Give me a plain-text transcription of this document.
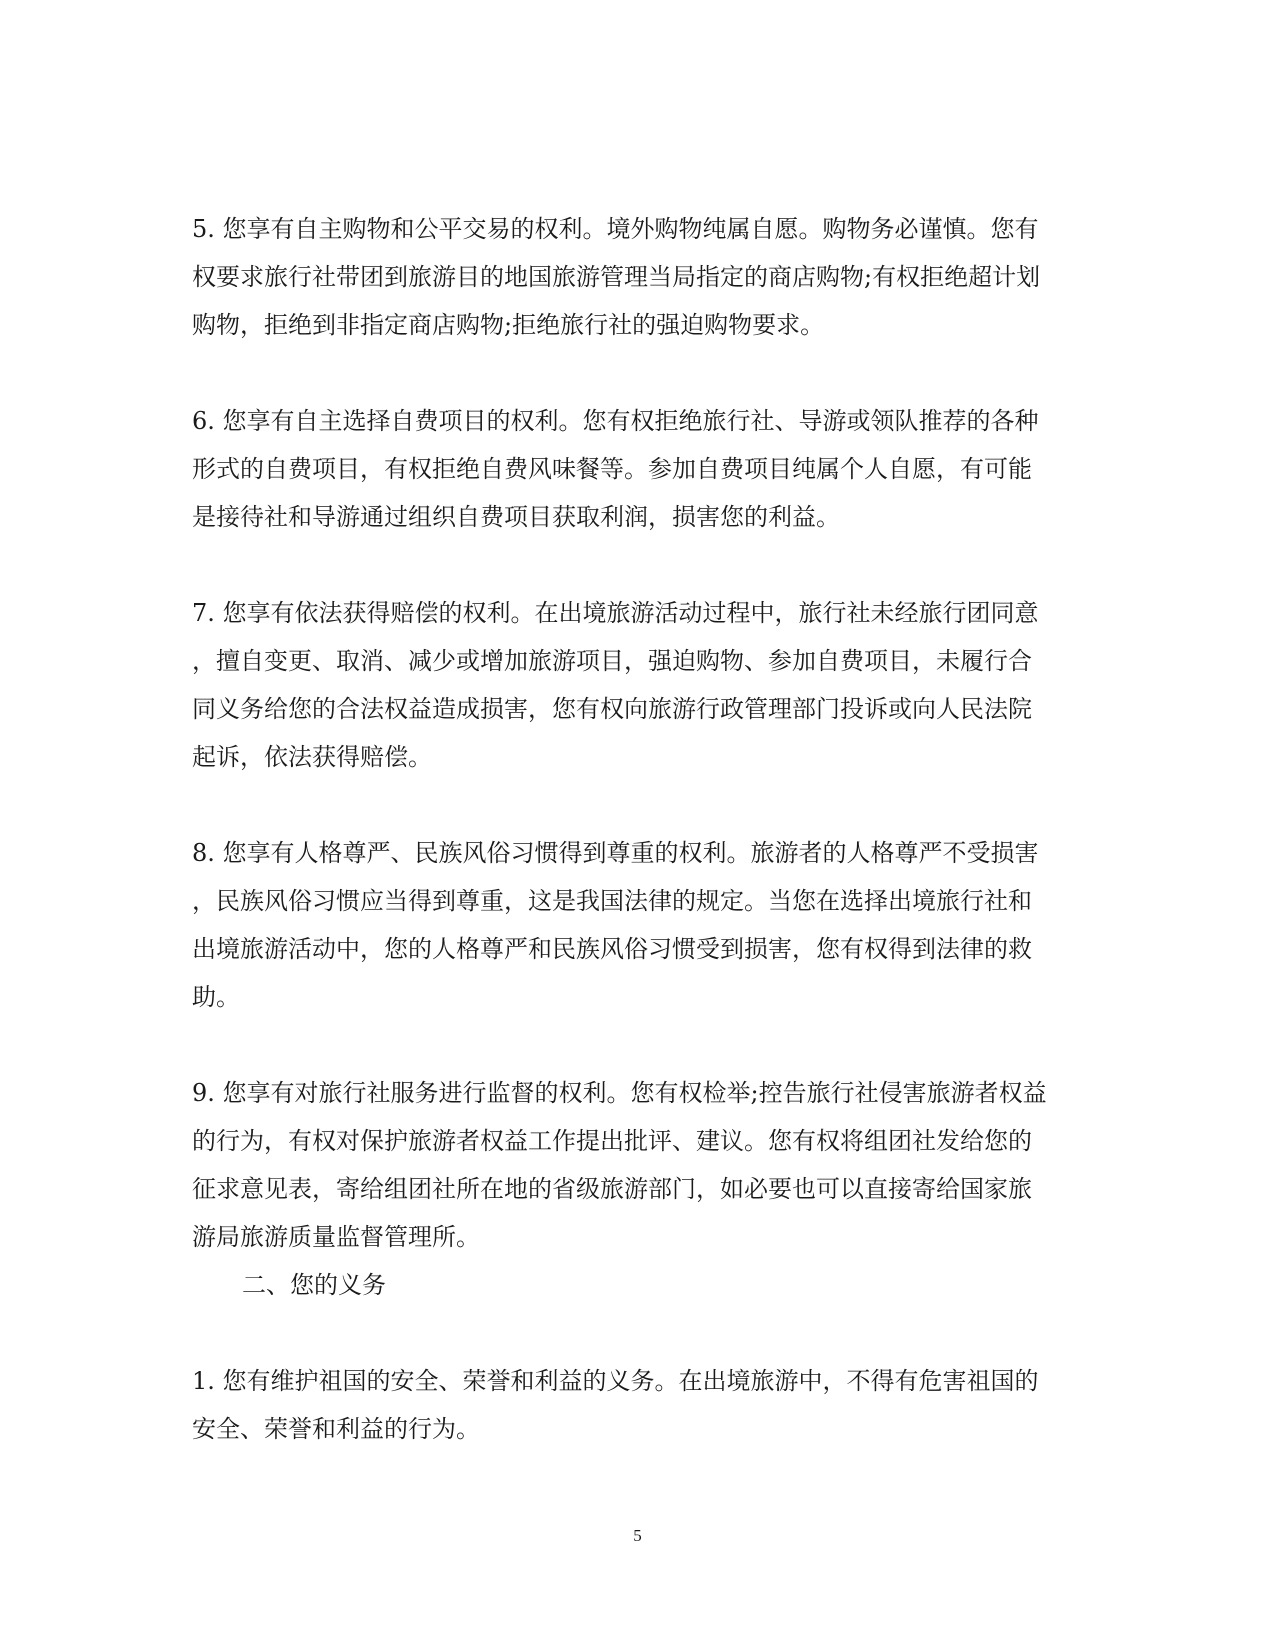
5. 您享有自主购物和公平交易的权利。境外购物纯属自愿。购物务必谨慎。您有
权要求旅行社带团到旅游目的地国旅游管理当局指定的商店购物;有权拒绝超计划
购物，拒绝到非指定商店购物;拒绝旅行社的强迫购物要求。

6. 您享有自主选择自费项目的权利。您有权拒绝旅行社、导游或领队推荐的各种
形式的自费项目，有权拒绝自费风味餐等。参加自费项目纯属个人自愿，有可能
是接待社和导游通过组织自费项目获取利润，损害您的利益。

7. 您享有依法获得赔偿的权利。在出境旅游活动过程中，旅行社未经旅行团同意
，擅自变更、取消、减少或增加旅游项目，强迫购物、参加自费项目，未履行合
同义务给您的合法权益造成损害，您有权向旅游行政管理部门投诉或向人民法院
起诉，依法获得赔偿。

8. 您享有人格尊严、民族风俗习惯得到尊重的权利。旅游者的人格尊严不受损害
，民族风俗习惯应当得到尊重，这是我国法律的规定。当您在选择出境旅行社和
出境旅游活动中，您的人格尊严和民族风俗习惯受到损害，您有权得到法律的救
助。

9. 您享有对旅行社服务进行监督的权利。您有权检举;控告旅行社侵害旅游者权益
的行为，有权对保护旅游者权益工作提出批评、建议。您有权将组团社发给您的
征求意见表，寄给组团社所在地的省级旅游部门，如必要也可以直接寄给国家旅
游局旅游质量监督管理所。

二、您的义务

1. 您有维护祖国的安全、荣誉和利益的义务。在出境旅游中，不得有危害祖国的
安全、荣誉和利益的行为。

5
